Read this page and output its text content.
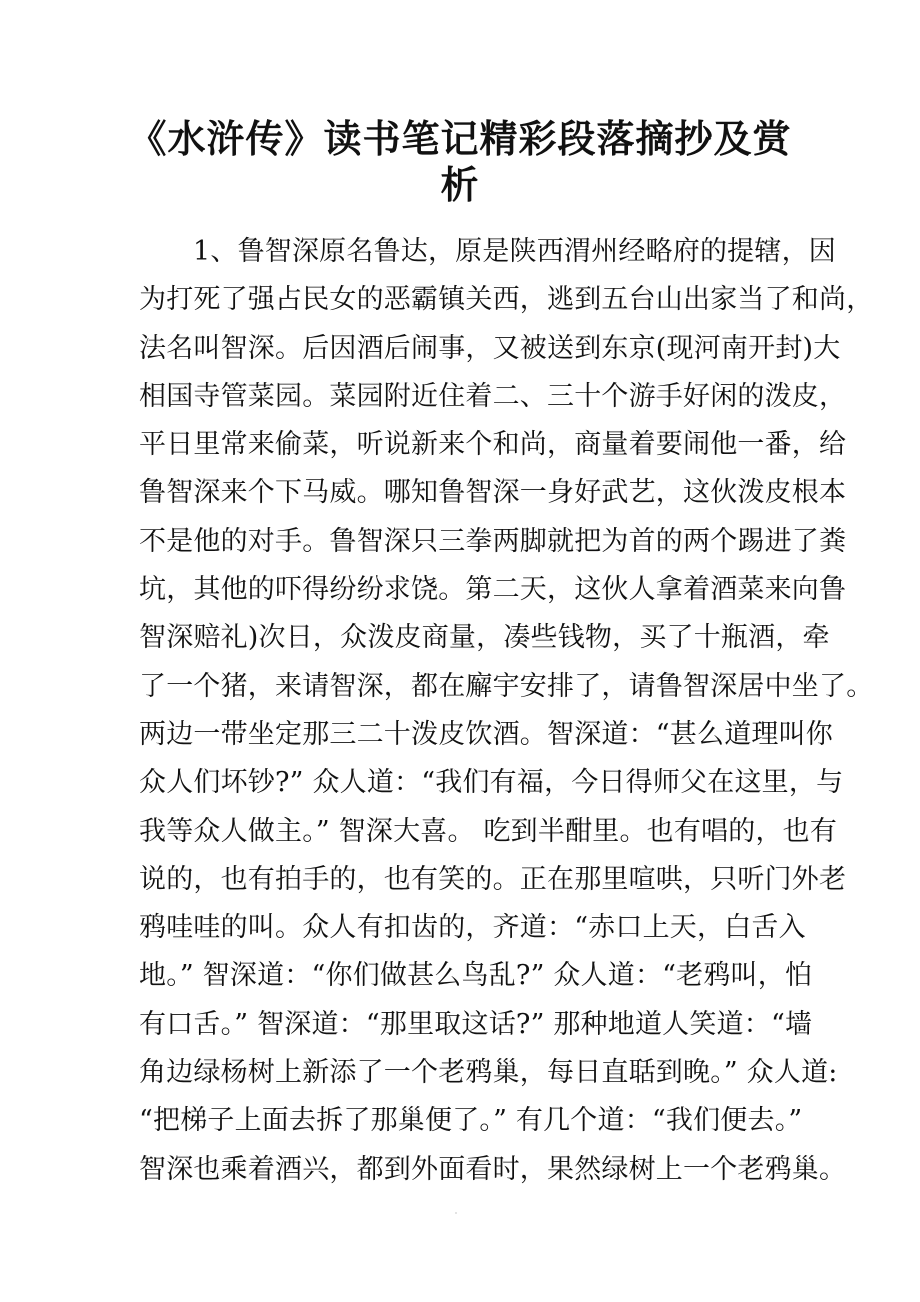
《水浒传》读书笔记精彩段落摘抄及赏
析
1、鲁智深原名鲁达，原是陕西渭州经略府的提辖，因
为打死了强占民女的恶霸镇关西，逃到五台山出家当了和尚，
法名叫智深。后因酒后闹事，又被送到东京(现河南开封)大
相国寺管菜园。菜园附近住着二、三十个游手好闲的泼皮，
平日里常来偷菜，听说新来个和尚，商量着要闹他一番，给
鲁智深来个下马威。哪知鲁智深一身好武艺，这伙泼皮根本
不是他的对手。鲁智深只三拳两脚就把为首的两个踢进了粪
坑，其他的吓得纷纷求饶。第二天，这伙人拿着酒菜来向鲁
智深赔礼)次日，众泼皮商量，凑些钱物，买了十瓶酒，牵
了一个猪，来请智深，都在廨宇安排了，请鲁智深居中坐了。
两边一带坐定那三二十泼皮饮酒。智深道：“甚么道理叫你
众人们坏钞?” 众人道：“我们有福，今日得师父在这里，与
我等众人做主。” 智深大喜。 吃到半酣里。也有唱的，也有
说的，也有拍手的，也有笑的。正在那里喧哄，只听门外老
鸦哇哇的叫。众人有扣齿的，齐道：“赤口上天，白舌入
地。” 智深道：“你们做甚么鸟乱?” 众人道：“老鸦叫，怕
有口舌。” 智深道：“那里取这话?” 那种地道人笑道：“墙
角边绿杨树上新添了一个老鸦巢，每日直聒到晚。” 众人道:
“把梯子上面去拆了那巢便了。” 有几个道：“我们便去。”
智深也乘着酒兴，都到外面看时，果然绿树上一个老鸦巢。
